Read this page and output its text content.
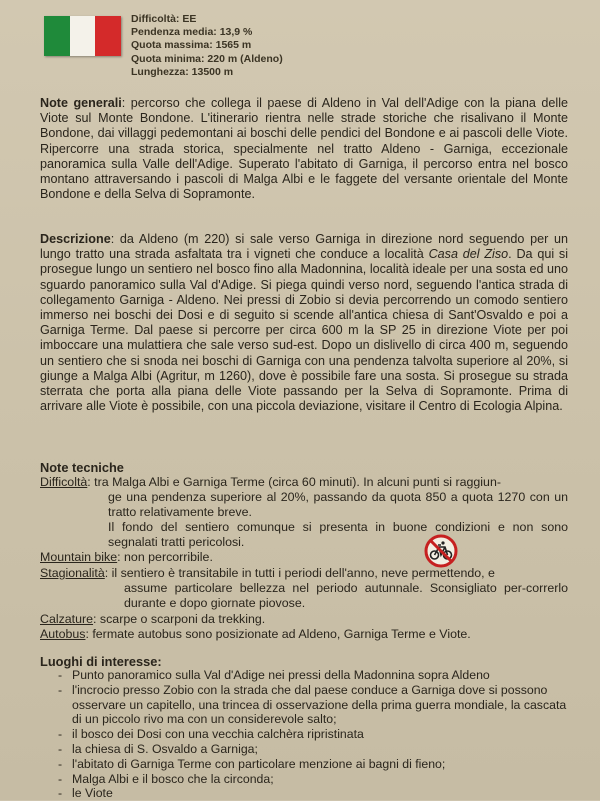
Difficoltà: EE
Pendenza media: 13,9 %
Quota massima: 1565 m
Quota minima: 220 m (Aldeno)
Lunghezza: 13500 m

Note generali: percorso che collega il paese di Aldeno in Val dell'Adige con la piana delle Viote sul Monte Bondone. L'itinerario rientra nelle strade storiche che risalivano il Monte Bondone, dai villaggi pedemontani ai boschi delle pendici del Bondone e ai pascoli delle Viote. Ripercorre una strada storica, specialmente nel tratto Aldeno - Garniga, eccezionale panoramica sulla Valle dell'Adige. Superato l'abitato di Garniga, il percorso entra nel bosco montano attraversando i pascoli di Malga Albi e le faggete del versante orientale del Monte Bondone e della Selva di Sopramonte.

Descrizione: da Aldeno (m 220) si sale verso Garniga in direzione nord seguendo per un lungo tratto una strada asfaltata tra i vigneti che conduce a località Casa del Ziso. Da qui si prosegue lungo un sentiero nel bosco fino alla Madonnina, località ideale per una sosta ed uno sguardo panoramico sulla Val d'Adige. Si piega quindi verso nord, seguendo l'antica strada di collegamento Garniga - Aldeno. Nei pressi di Zobio si devia percorrendo un comodo sentiero immerso nei boschi dei Dosi e di seguito si scende all'antica chiesa di Sant'Osvaldo e poi a Garniga Terme. Dal paese si percorre per circa 600 m la SP 25 in direzione Viote per poi imboccare una mulattiera che sale verso sud-est. Dopo un dislivello di circa 400 m, seguendo un sentiero che si snoda nei boschi di Garniga con una pendenza talvolta superiore al 20%, si giunge a Malga Albi (Agritur, m 1260), dove è possibile fare una sosta. Si prosegue su strada sterrata che porta alla piana delle Viote passando per la Selva di Sopramonte. Prima di arrivare alle Viote è possibile, con una piccola deviazione, visitare il Centro di Ecologia Alpina.

Note tecniche

Difficoltà: tra Malga Albi e Garniga Terme (circa 60 minuti). In alcuni punti si raggiun-

ge una pendenza superiore al 20%, passando da quota 850 a quota 1270 con un tratto relativamente breve.

Il fondo del sentiero comunque si presenta in buone condizioni e non sono segnalati tratti pericolosi.

Mountain bike: non percorribile.

Stagionalità: il sentiero è transitabile in tutti i periodi dell'anno, neve permettendo, e

assume particolare bellezza nel periodo autunnale. Sconsigliato per-correrlo durante e dopo giornate piovose.

Calzature: scarpe o scarponi da trekking.

Autobus: fermate autobus sono posizionate ad Aldeno, Garniga Terme e Viote.

Luoghi di interesse:

- Punto panoramico sulla Val d'Adige nei pressi della Madonnina sopra Aldeno
- l'incrocio presso Zobio con la strada che dal paese conduce a Garniga dove si possono osservare un capitello, una trincea di osservazione della prima guerra mondiale, la cascata di un piccolo rivo ma con un considerevole salto;
- il bosco dei Dosi con una vecchia calchèra ripristinata
- la chiesa di S. Osvaldo a Garniga;
- l'abitato di Garniga Terme con particolare menzione ai bagni di fieno;
- Malga Albi e il bosco che la circonda;
- le Viote
